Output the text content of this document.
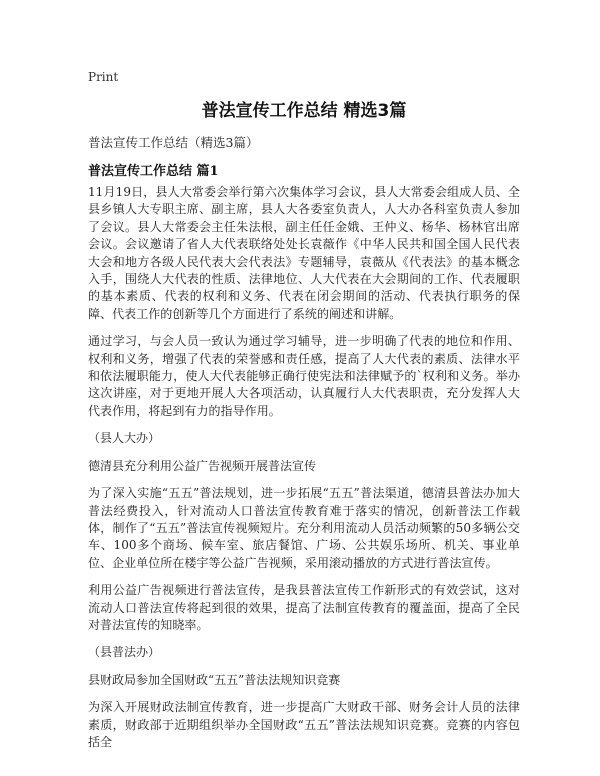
Print
普法宣传工作总结 精选3篇
普法宣传工作总结（精选3篇）
普法宣传工作总结 篇1

11月19日，县人大常委会举行第六次集体学习会议，县人大常委会组成人员、全县乡镇人大专职主席、副主席，县人大各委室负责人，人大办各科室负责人参加了会议。县人大常委会主任朱法根，副主任任金娥、王仲义、杨华、杨林官出席会议。会议邀请了省人大代表联络处处长袁薇作《中华人民共和国全国人民代表大会和地方各级人民代表大会代表法》专题辅导，袁薇从《代表法》的基本概念入手，围绕人大代表的性质、法律地位、人大代表在大会期间的工作、代表履职的基本素质、代表的权利和义务、代表在闭会期间的活动、代表执行职务的保障、代表工作的创新等几个方面进行了系统的阐述和讲解。

通过学习，与会人员一致认为通过学习辅导，进一步明确了代表的地位和作用、权利和义务，增强了代表的荣誉感和责任感，提高了人大代表的素质、法律水平和依法履职能力，使人大代表能够正确行使宪法和法律赋予的`权利和义务。举办这次讲座，对于更地开展人大各项活动，认真履行人大代表职责，充分发挥人大代表作用，将起到有力的指导作用。

（县人大办）

德清县充分利用公益广告视频开展普法宣传

为了深入实施“五五”普法规划，进一步拓展“五五”普法渠道，德清县普法办加大普法经费投入，针对流动人口普法宣传教育难于落实的情况，创新普法工作载体，制作了“五五”普法宣传视频短片。充分利用流动人员活动频繁的50多辆公交车、100多个商场、候车室、旅店餐馆、广场、公共娱乐场所、机关、事业单位、企业单位所在楼宇等公益广告视频，采用滚动播放的方式进行普法宣传。

利用公益广告视频进行普法宣传，是我县普法宣传工作新形式的有效尝试，这对流动人口普法宣传将起到很的效果，提高了法制宣传教育的覆盖面，提高了全民对普法宣传的知晓率。

（县普法办）

县财政局参加全国财政“五五”普法法规知识竞赛

为深入开展财政法制宣传教育，进一步提高广大财政干部、财务会计人员的法律素质，财政部于近期组织举办全国财政“五五”普法法规知识竞赛。竞赛的内容包括全
